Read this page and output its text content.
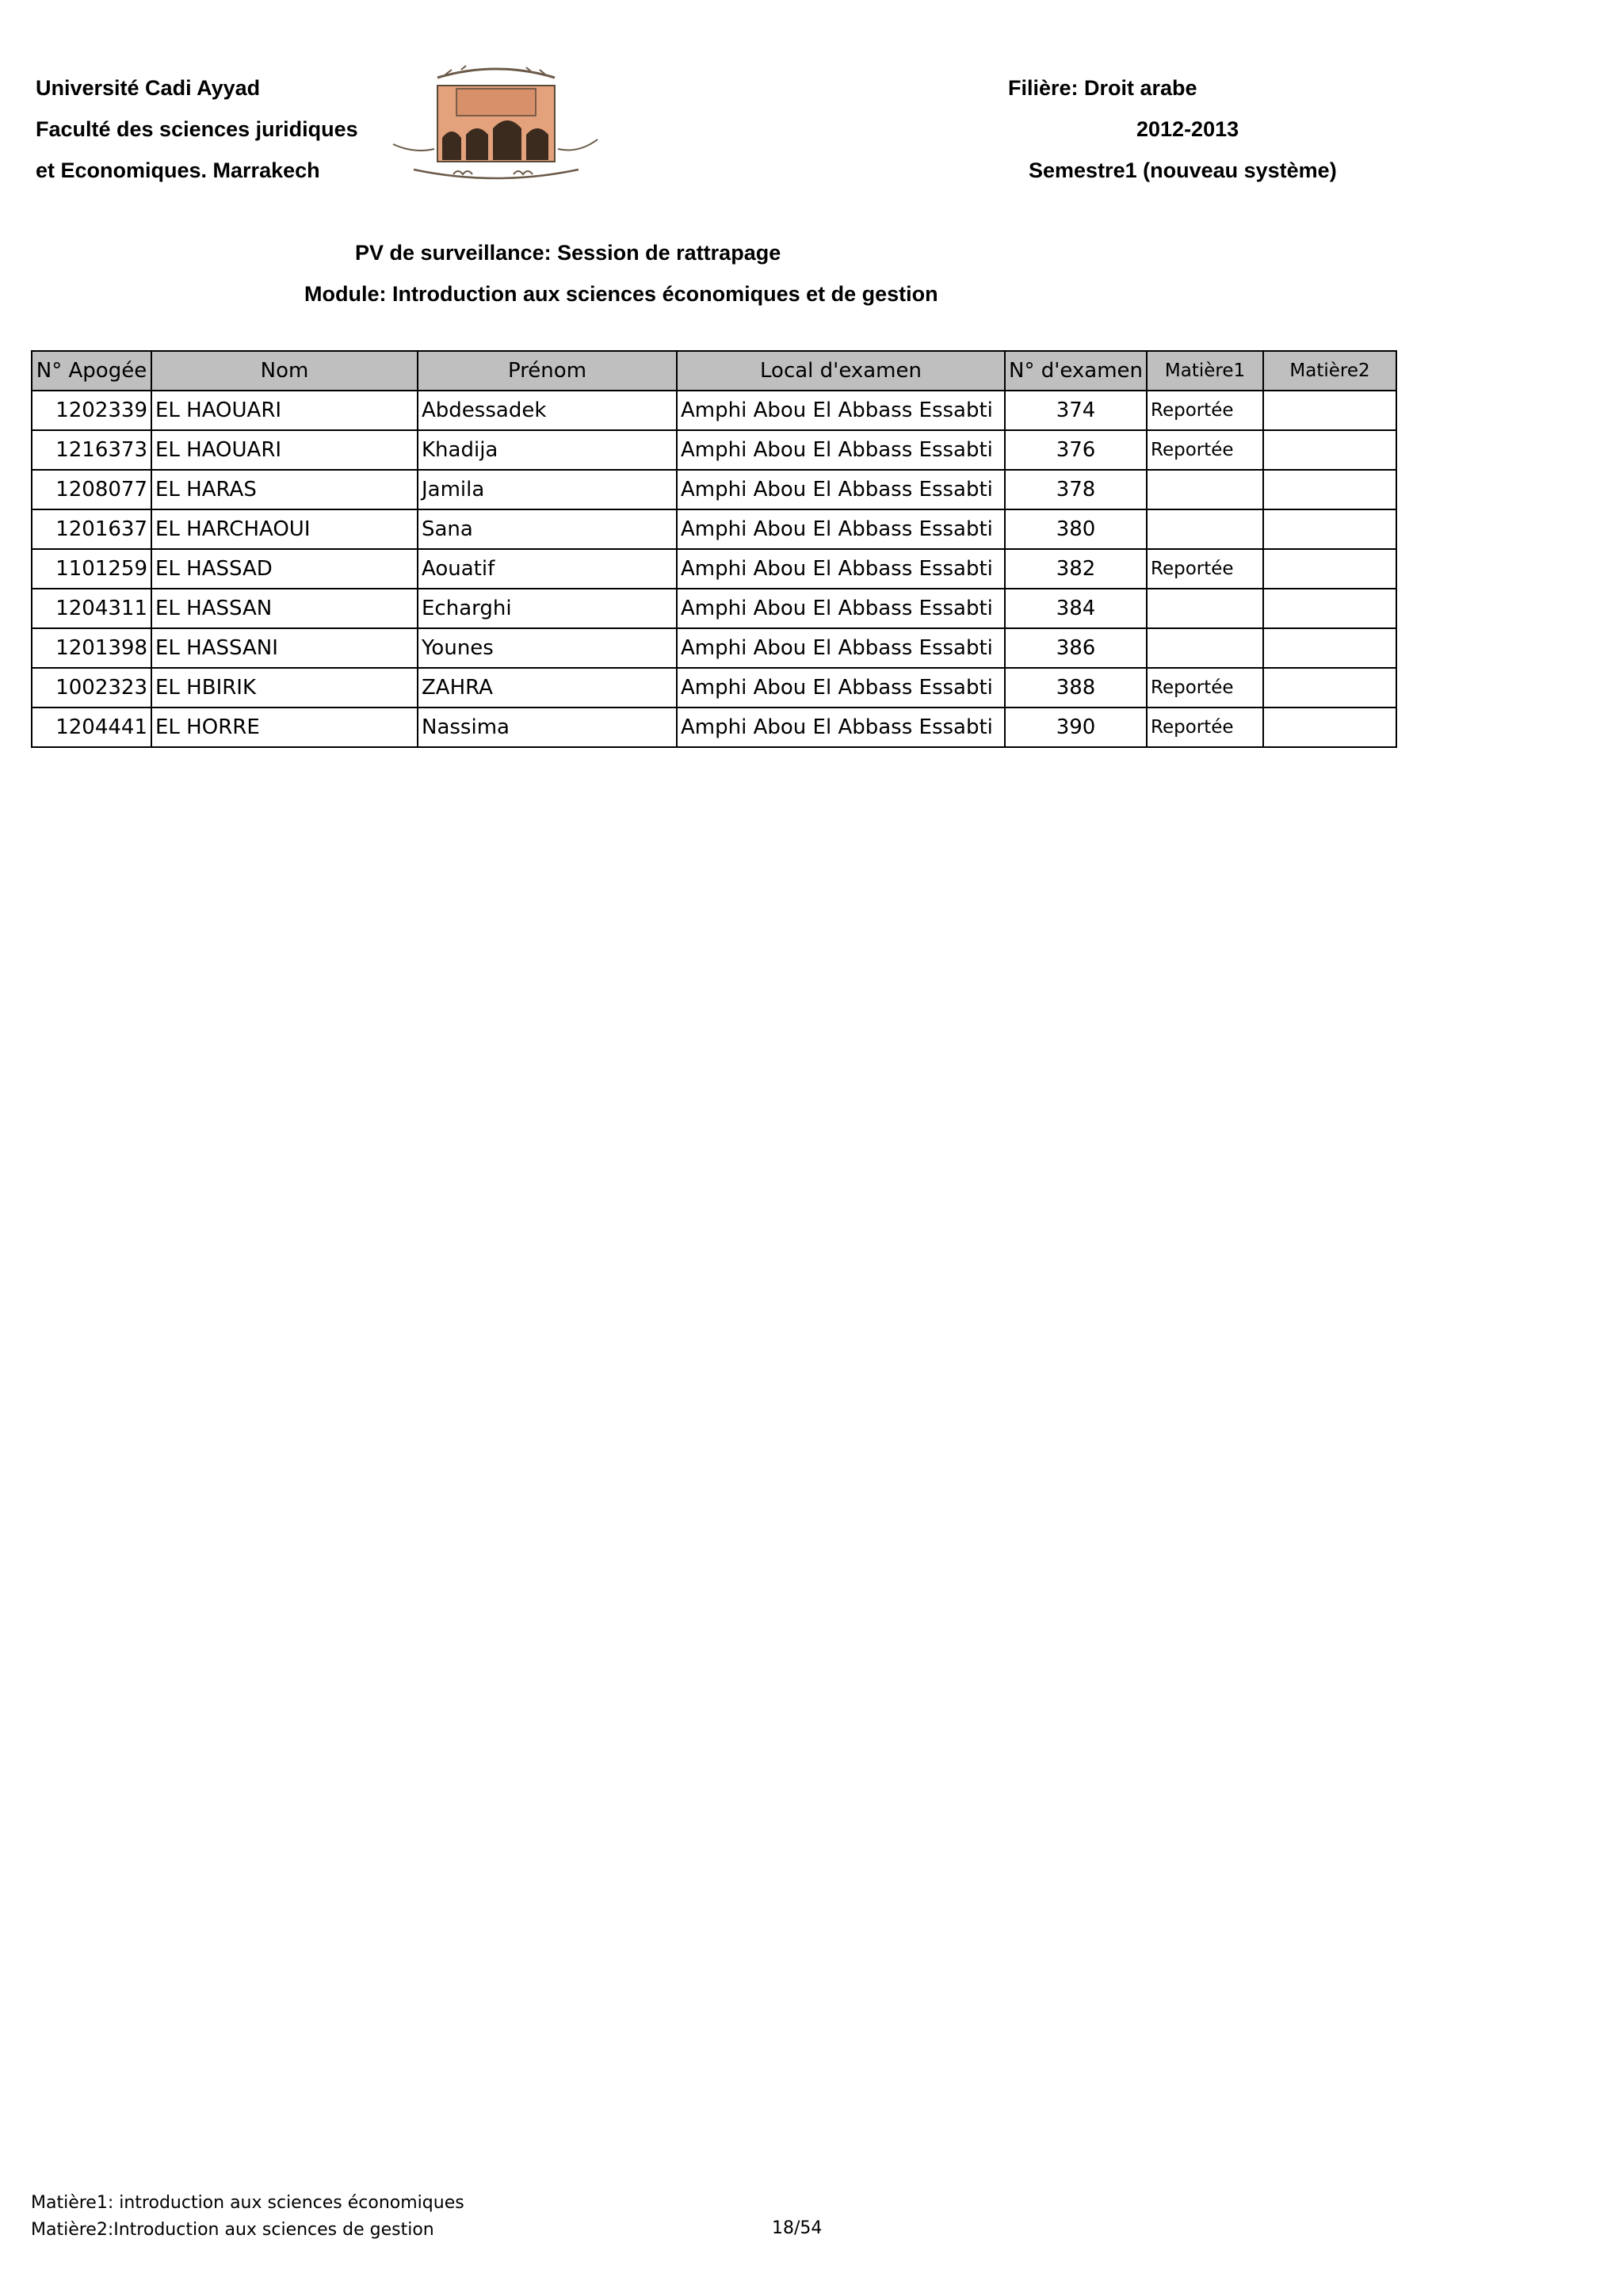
Université Cadi Ayyad
Faculté des sciences juridiques
et Economiques. Marrakech
Filière: Droit arabe
2012-2013
Semestre1 (nouveau système)
PV de surveillance: Session de rattrapage
Module: Introduction aux sciences économiques et de gestion
N° Apogée	Nom	Prénom	Local d'examen	N° d'examen	Matière1	Matière2
1202339	EL HAOUARI	Abdessadek	Amphi Abou El Abbass Essabti	374	Reportée	
1216373	EL HAOUARI	Khadija	Amphi Abou El Abbass Essabti	376	Reportée	
1208077	EL HARAS	Jamila	Amphi Abou El Abbass Essabti	378		
1201637	EL HARCHAOUI	Sana	Amphi Abou El Abbass Essabti	380		
1101259	EL HASSAD	Aouatif	Amphi Abou El Abbass Essabti	382	Reportée	
1204311	EL HASSAN	Echarghi	Amphi Abou El Abbass Essabti	384		
1201398	EL HASSANI	Younes	Amphi Abou El Abbass Essabti	386		
1002323	EL HBIRIK	ZAHRA	Amphi Abou El Abbass Essabti	388	Reportée	
1204441	EL HORRE	Nassima	Amphi Abou El Abbass Essabti	390	Reportée	
Matière1: introduction aux sciences économiques
Matière2:Introduction aux sciences de gestion	18/54
